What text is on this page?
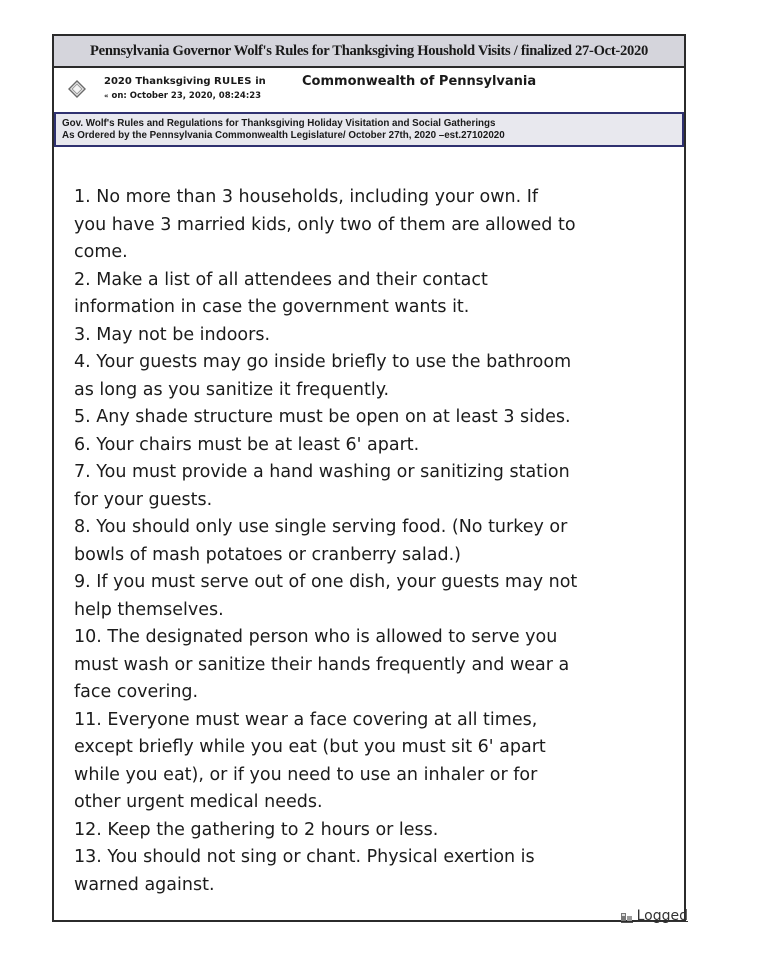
Pennsylvania Governor Wolf's Rules for Thanksgiving Houshold Visits / finalized 27-Oct-2020
2020 Thanksgiving RULES in	Commonwealth of Pennsylvania
« on: October 23, 2020, 08:24:23
Gov. Wolf's Rules and Regulations for Thanksgiving Holiday Visitation and Social Gatherings
As Ordered by the Pennsylvania Commonwealth Legislature/ October 27th, 2020 –est.27102020
1. No more than 3 households, including your own. If
you have 3 married kids, only two of them are allowed to
come.
2. Make a list of all attendees and their contact
information in case the government wants it.
3. May not be indoors.
4. Your guests may go inside briefly to use the bathroom
as long as you sanitize it frequently.
5. Any shade structure must be open on at least 3 sides.
6. Your chairs must be at least 6' apart.
7. You must provide a hand washing or sanitizing station
for your guests.
8. You should only use single serving food. (No turkey or
bowls of mash potatoes or cranberry salad.)
9. If you must serve out of one dish, your guests may not
help themselves.
10. The designated person who is allowed to serve you
must wash or sanitize their hands frequently and wear a
face covering.
11. Everyone must wear a face covering at all times,
except briefly while you eat (but you must sit 6' apart
while you eat), or if you need to use an inhaler or for
other urgent medical needs.
12. Keep the gathering to 2 hours or less.
13. You should not sing or chant. Physical exertion is
warned against.
Logged
